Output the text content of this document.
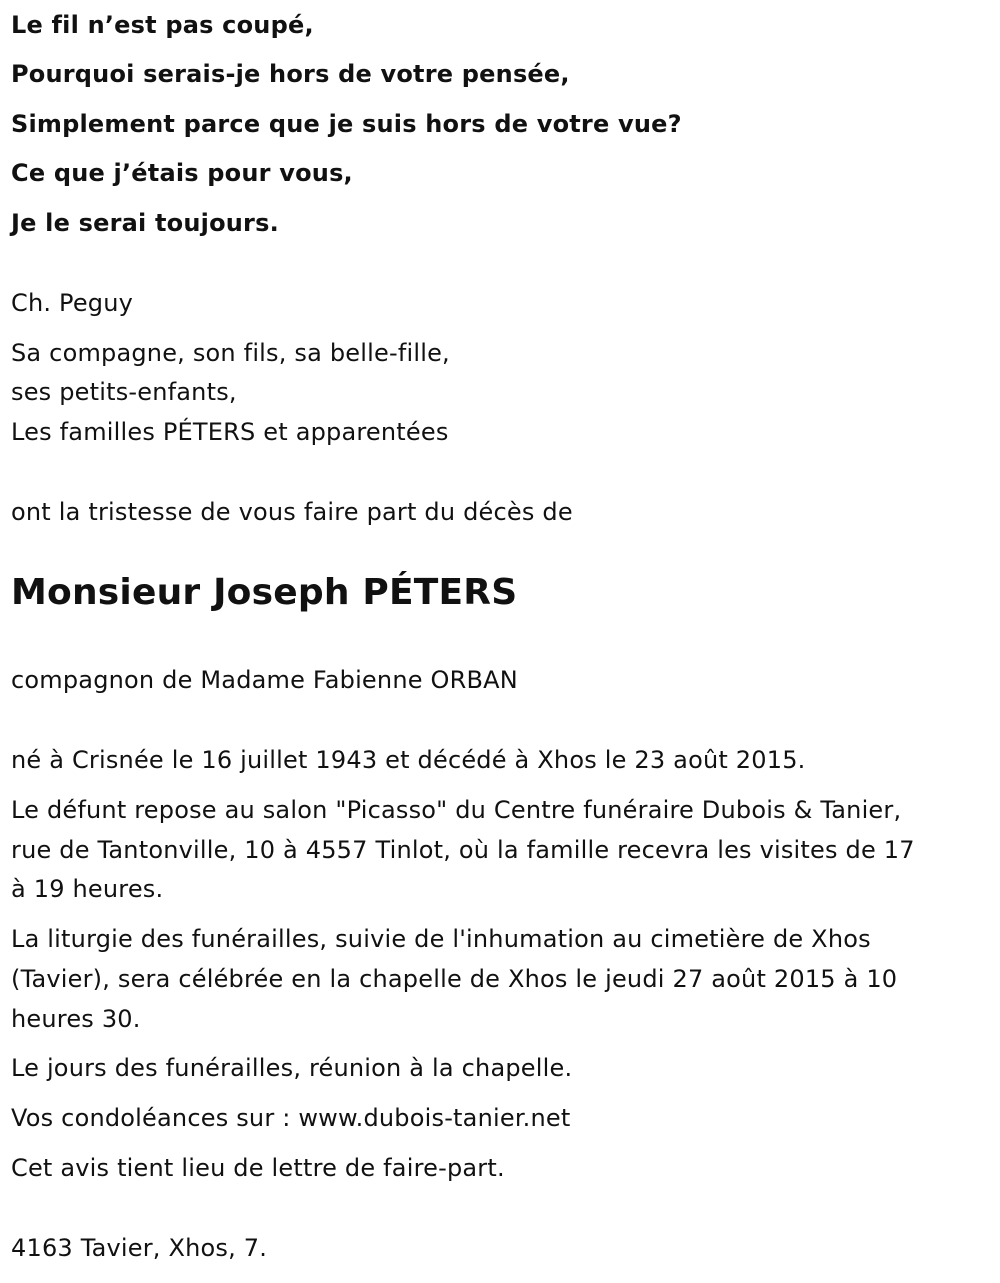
Le fil n’est pas coupé,
Pourquoi serais-je hors de votre pensée,
Simplement parce que je suis hors de votre vue?
Ce que j’étais pour vous,
Je le serai toujours.
Ch. Peguy
Sa compagne, son fils, sa belle-fille,
ses petits-enfants,
Les familles PÉTERS et apparentées
ont la tristesse de vous faire part du décès de
Monsieur Joseph PÉTERS
compagnon de Madame Fabienne ORBAN
né à Crisnée le 16 juillet 1943 et décédé à Xhos le 23 août 2015.
Le défunt repose au salon "Picasso" du Centre funéraire Dubois & Tanier,
rue de Tantonville, 10 à 4557 Tinlot, où la famille recevra les visites de 17
à 19 heures.
La liturgie des funérailles, suivie de l'inhumation au cimetière de Xhos
(Tavier), sera célébrée en la chapelle de Xhos le jeudi 27 août 2015 à 10
heures 30.
Le jours des funérailles, réunion à la chapelle.
Vos condoléances sur : www.dubois-tanier.net
Cet avis tient lieu de lettre de faire-part.
4163 Tavier, Xhos, 7.
